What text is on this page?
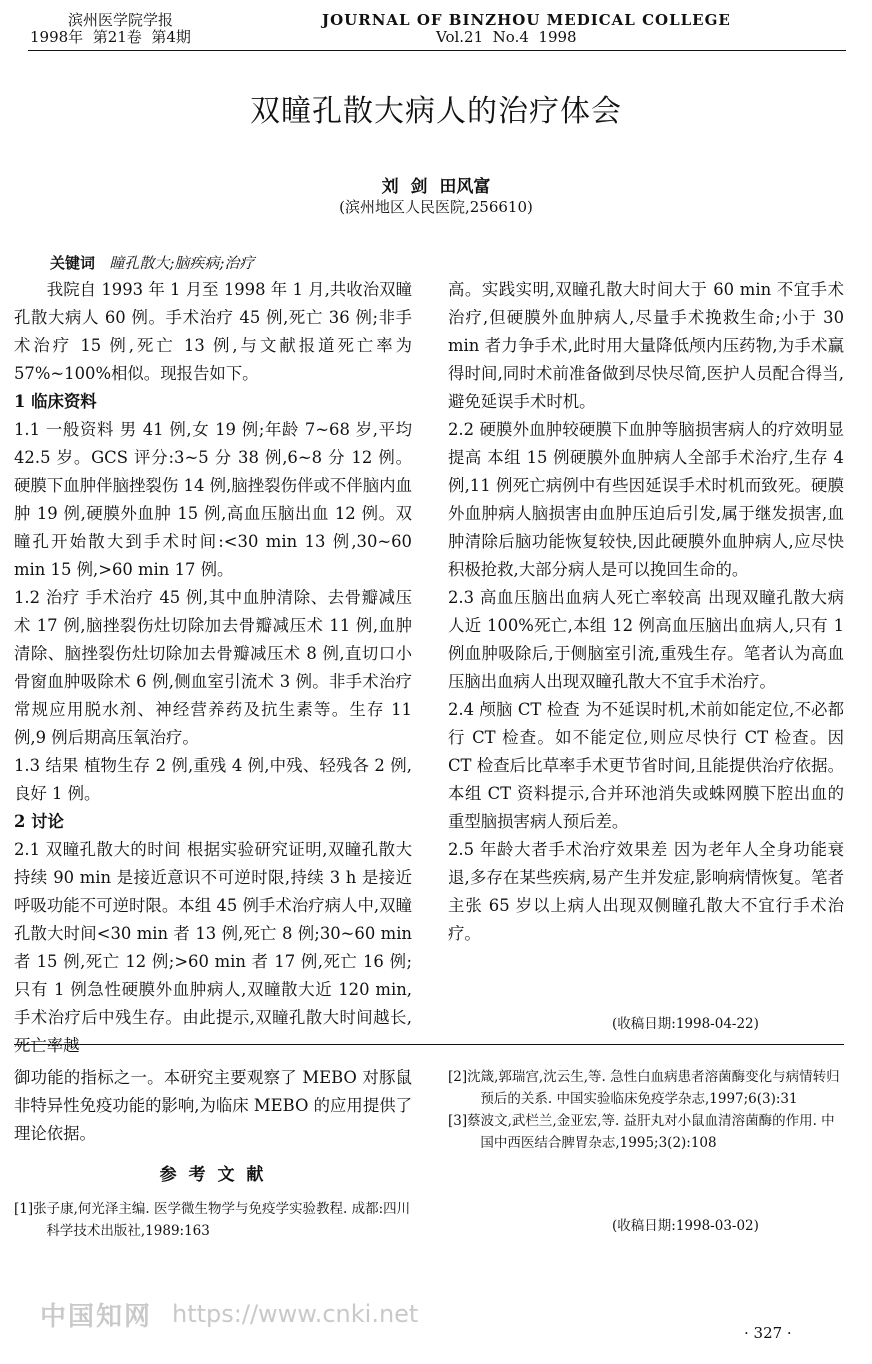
滨州医学院学报
1998年  第21卷  第4期
JOURNAL OF BINZHOU MEDICAL COLLEGE
Vol.21  No.4  1998
双瞳孔散大病人的治疗体会
刘  剑  田风富
(滨州地区人民医院,256610)
关键词 瞳孔散大;脑疾病;治疗

我院自 1993 年 1 月至 1998 年 1 月,共收治双瞳孔散大病人 60 例。手术治疗 45 例,死亡 36 例;非手术治疗 15 例,死亡 13 例,与文献报道死亡率为 57%~100%相似。现报告如下。

1 临床资料

1.1 一般资料 男 41 例,女 19 例;年龄 7~68 岁,平均 42.5 岁。GCS 评分:3~5 分 38 例,6~8 分 12 例。硬膜下血肿伴脑挫裂伤 14 例,脑挫裂伤伴或不伴脑内血肿 19 例,硬膜外血肿 15 例,高血压脑出血 12 例。双瞳孔开始散大到手术时间:<30 min 13 例,30~60 min 15 例,>60 min 17 例。

1.2 治疗 手术治疗 45 例,其中血肿清除、去骨瓣减压术 17 例,脑挫裂伤灶切除加去骨瓣减压术 11 例,血肿清除、脑挫裂伤灶切除加去骨瓣减压术 8 例,直切口小骨窗血肿吸除术 6 例,侧血室引流术 3 例。非手术治疗常规应用脱水剂、神经营养药及抗生素等。生存 11 例,9 例后期高压氧治疗。

1.3 结果 植物生存 2 例,重残 4 例,中残、轻残各 2 例,良好 1 例。

2 讨论

2.1 双瞳孔散大的时间 根据实验研究证明,双瞳孔散大持续 90 min 是接近意识不可逆时限,持续 3 h 是接近呼吸功能不可逆时限。本组 45 例手术治疗病人中,双瞳孔散大时间<30 min 者 13 例,死亡 8 例;30~60 min 者 15 例,死亡 12 例;>60 min 者 17 例,死亡 16 例;只有 1 例急性硬膜外血肿病人,双瞳散大近 120 min,手术治疗后中残生存。由此提示,双瞳孔散大时间越长,死亡率越

高。实践实明,双瞳孔散大时间大于 60 min 不宜手术治疗,但硬膜外血肿病人,尽量手术挽救生命;小于 30 min 者力争手术,此时用大量降低颅内压药物,为手术赢得时间,同时术前准备做到尽快尽简,医护人员配合得当,避免延误手术时机。

2.2 硬膜外血肿较硬膜下血肿等脑损害病人的疗效明显提高 本组 15 例硬膜外血肿病人全部手术治疗,生存 4 例,11 例死亡病例中有些因延误手术时机而致死。硬膜外血肿病人脑损害由血肿压迫后引发,属于继发损害,血肿清除后脑功能恢复较快,因此硬膜外血肿病人,应尽快积极抢救,大部分病人是可以挽回生命的。

2.3 高血压脑出血病人死亡率较高 出现双瞳孔散大病人近 100%死亡,本组 12 例高血压脑出血病人,只有 1 例血肿吸除后,于侧脑室引流,重残生存。笔者认为高血压脑出血病人出现双瞳孔散大不宜手术治疗。

2.4 颅脑 CT 检查 为不延误时机,术前如能定位,不必都行 CT 检查。如不能定位,则应尽快行 CT 检查。因 CT 检查后比草率手术更节省时间,且能提供治疗依据。本组 CT 资料提示,合并环池消失或蛛网膜下腔出血的重型脑损害病人预后差。

2.5 年龄大者手术治疗效果差 因为老年人全身功能衰退,多存在某些疾病,易产生并发症,影响病情恢复。笔者主张 65 岁以上病人出现双侧瞳孔散大不宜行手术治疗。

(收稿日期:1998-04-22)
御功能的指标之一。本研究主要观察了 MEBO 对豚鼠非特异性免疫功能的影响,为临床 MEBO 的应用提供了理论依据。
参 考 文 献

[1]张子康,何光泽主编. 医学微生物学与免疫学实验教程. 成都:四川科学技术出版社,1989:163

[2]沈箴,郭瑞宫,沈云生,等. 急性白血病患者溶菌酶变化与病情转归预后的关系. 中国实验临床免疫学杂志,1997;6(3):31

[3]蔡波文,武栏兰,金亚宏,等. 益肝丸对小鼠血清溶菌酶的作用. 中国中西医结合脾胃杂志,1995;3(2):108

(收稿日期:1998-03-02)
中国知网 https://www.cnki.net
· 327 ·
